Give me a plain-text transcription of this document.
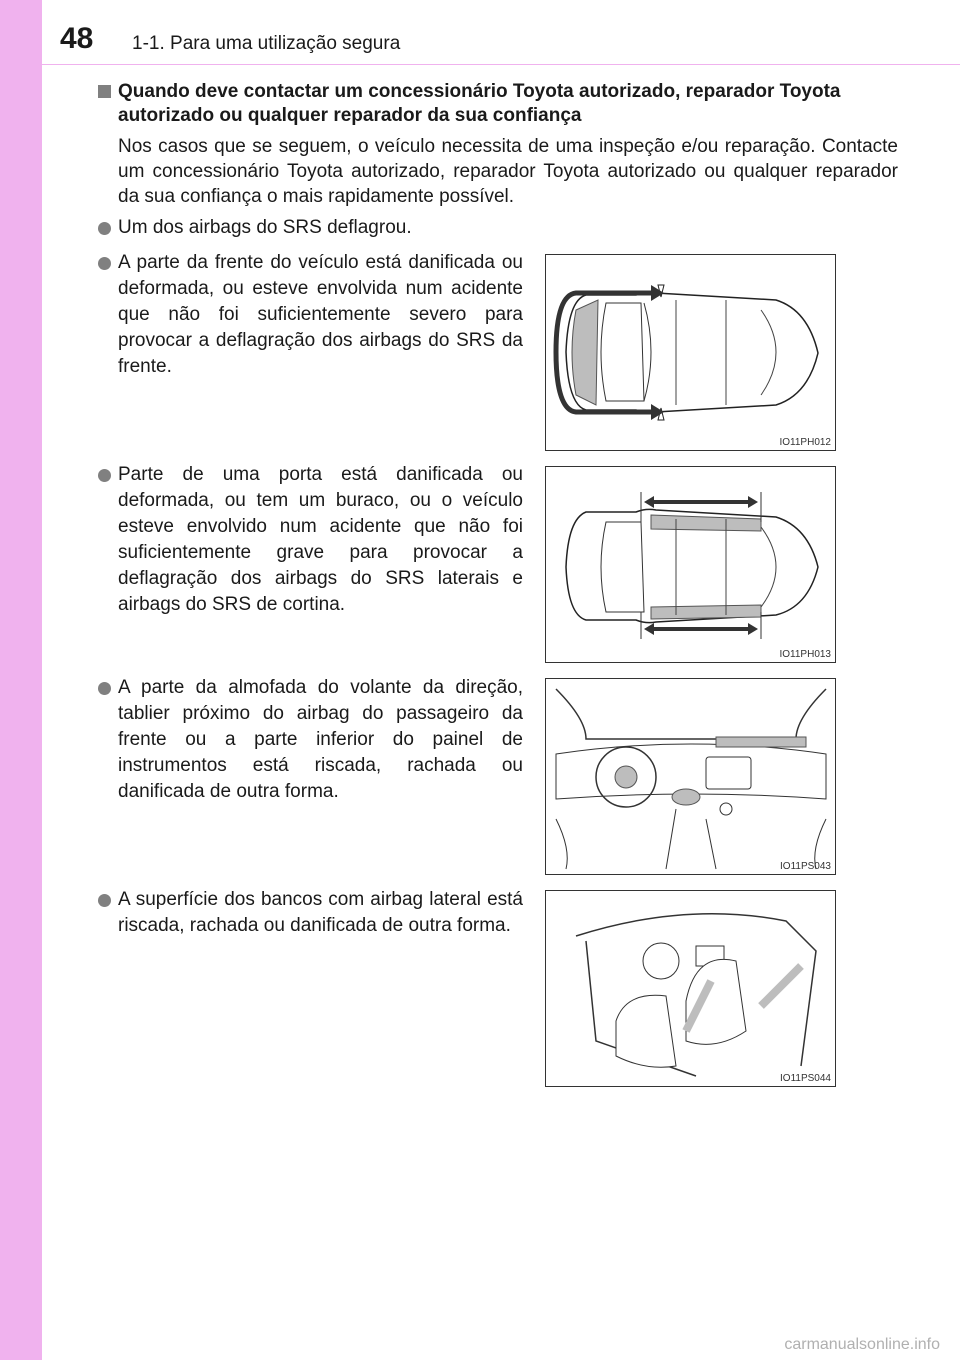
48 1-1. Para uma utilização segura
Quando deve contactar um concessionário Toyota autorizado, reparador Toyota autorizado ou qualquer reparador da sua confiança
Nos casos que se seguem, o veículo necessita de uma inspeção e/ou reparação. Contacte um concessionário Toyota autorizado, reparador Toyota autorizado ou qualquer reparador da sua confiança o mais rapidamente possível.
Um dos airbags do SRS deflagrou.
A parte da frente do veículo está danificada ou deformada, ou esteve envolvida num acidente que não foi suficientemente severo para provocar a deflagração dos airbags do SRS da frente.
Parte de uma porta está danificada ou deformada, ou tem um buraco, ou o veículo esteve envolvido num acidente que não foi suficientemente grave para provocar a deflagração dos airbags do SRS laterais e airbags do SRS de cortina.
A parte da almofada do volante da direção, tablier próximo do airbag do passageiro da frente ou a parte inferior do painel de instrumentos está riscada, rachada ou danificada de outra forma.
A superfície dos bancos com airbag lateral está riscada, rachada ou danificada de outra forma.
IO11PH012
IO11PH013
IO11PS043
IO11PS044
carmanualsonline.info
